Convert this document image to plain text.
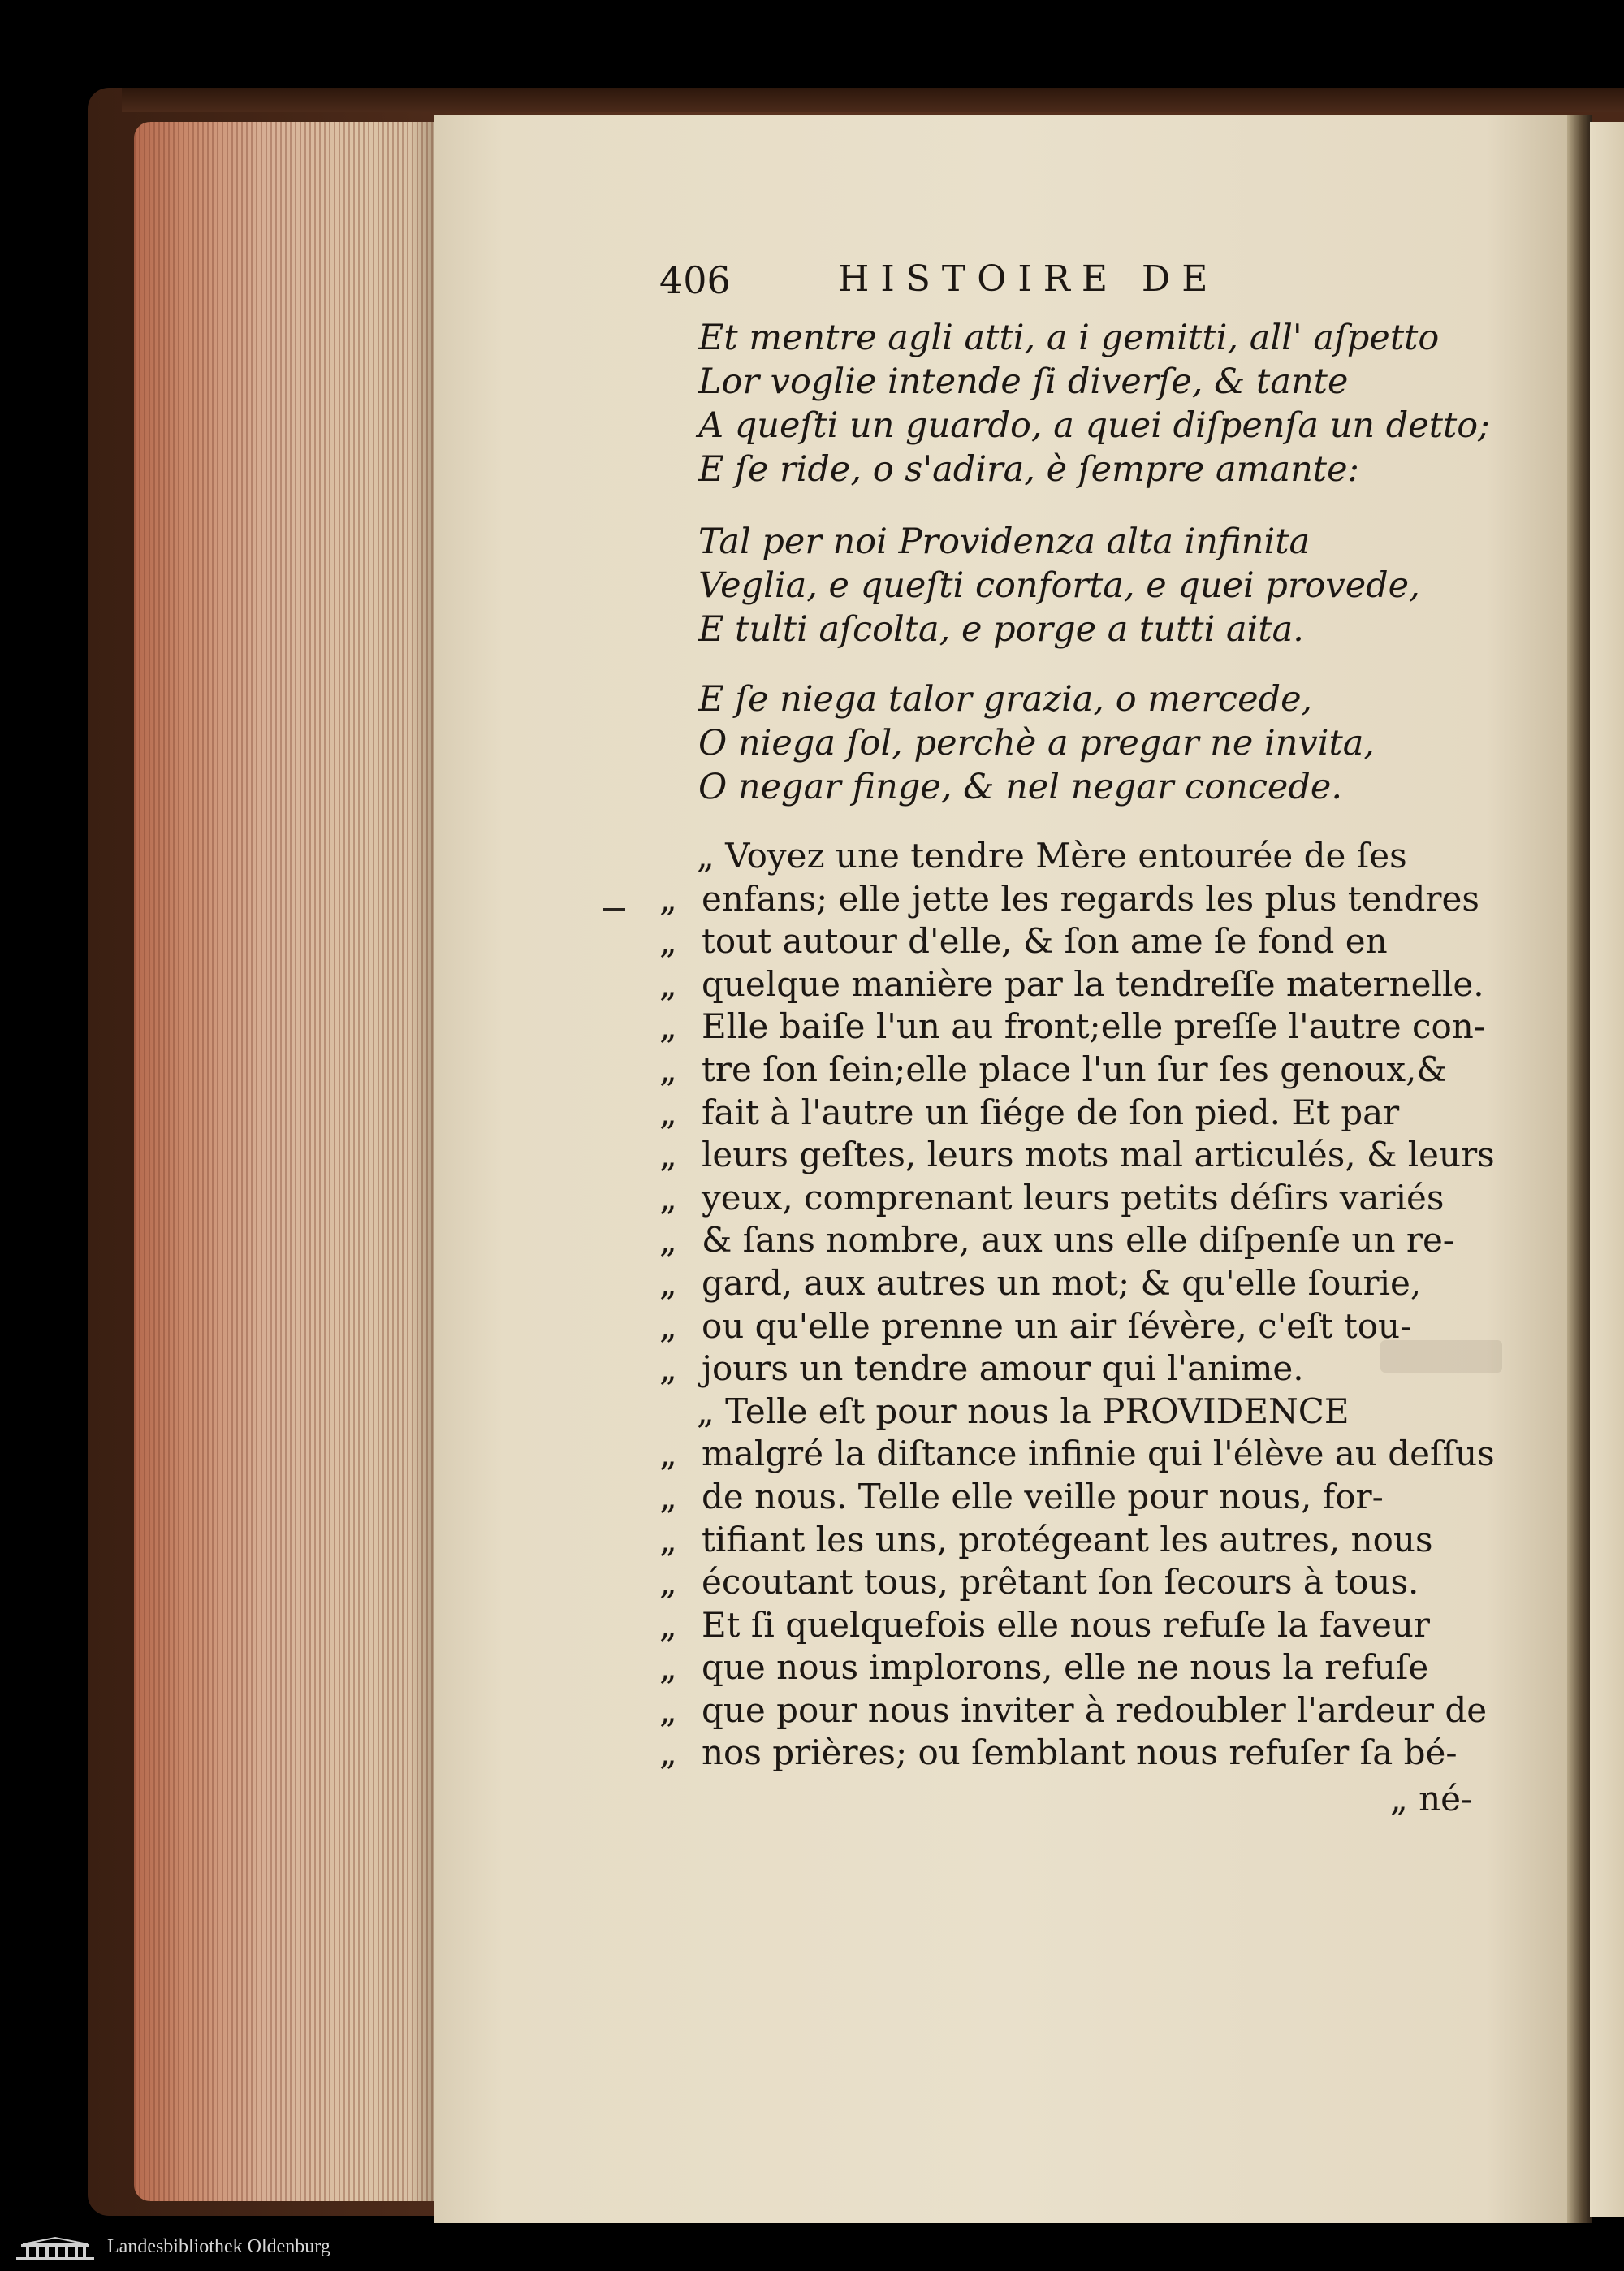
406	HISTOIRE DE
Et mentre agli atti, a i gemitti, all' aſpetto
Lor voglie intende ſi diverſe, & tante
A queſti un guardo, a quei diſpenſa un detto;
E ſe ride, o s'adira, è ſempre amante:
Tal per noi Providenza alta infinita
Veglia, e queſti conforta, e quei provede,
E tulti aſcolta, e porge a tutti aita.
E ſe niega talor grazia, o mercede,
O niega ſol, perchè a pregar ne invita,
O negar finge, & nel negar concede.
„ Voyez une tendre Mère entourée de ſes
„ enfans; elle jette les regards les plus tendres
„ tout autour d'elle, & ſon ame ſe fond en
„ quelque manière par la tendreſſe maternelle.
„ Elle baiſe l'un au front;elle preſſe l'autre con-
„ tre ſon ſein;elle place l'un ſur ſes genoux,&
„ fait à l'autre un ſiége de ſon pied. Et par
„ leurs geſtes, leurs mots mal articulés, & leurs
„ yeux, comprenant leurs petits déſirs variés
„ & ſans nombre, aux uns elle diſpenſe un re-
„ gard, aux autres un mot; & qu'elle ſourie,
„ ou qu'elle prenne un air ſévère, c'eſt tou-
„ jours un tendre amour qui l'anime.
„ Telle eſt pour nous la PROVIDENCE
„ malgré la diſtance infinie qui l'élève au deſſus
„ de nous. Telle elle veille pour nous, for-
„ tifiant les uns, protégeant les autres, nous
„ écoutant tous, prêtant ſon ſecours à tous.
„ Et ſi quelquefois elle nous refuſe la faveur
„ que nous implorons, elle ne nous la refuſe
„ que pour nous inviter à redoubler l'ardeur de
„ nos prières; ou ſemblant nous refuſer ſa bé-
„ né-
Landesbibliothek Oldenburg
